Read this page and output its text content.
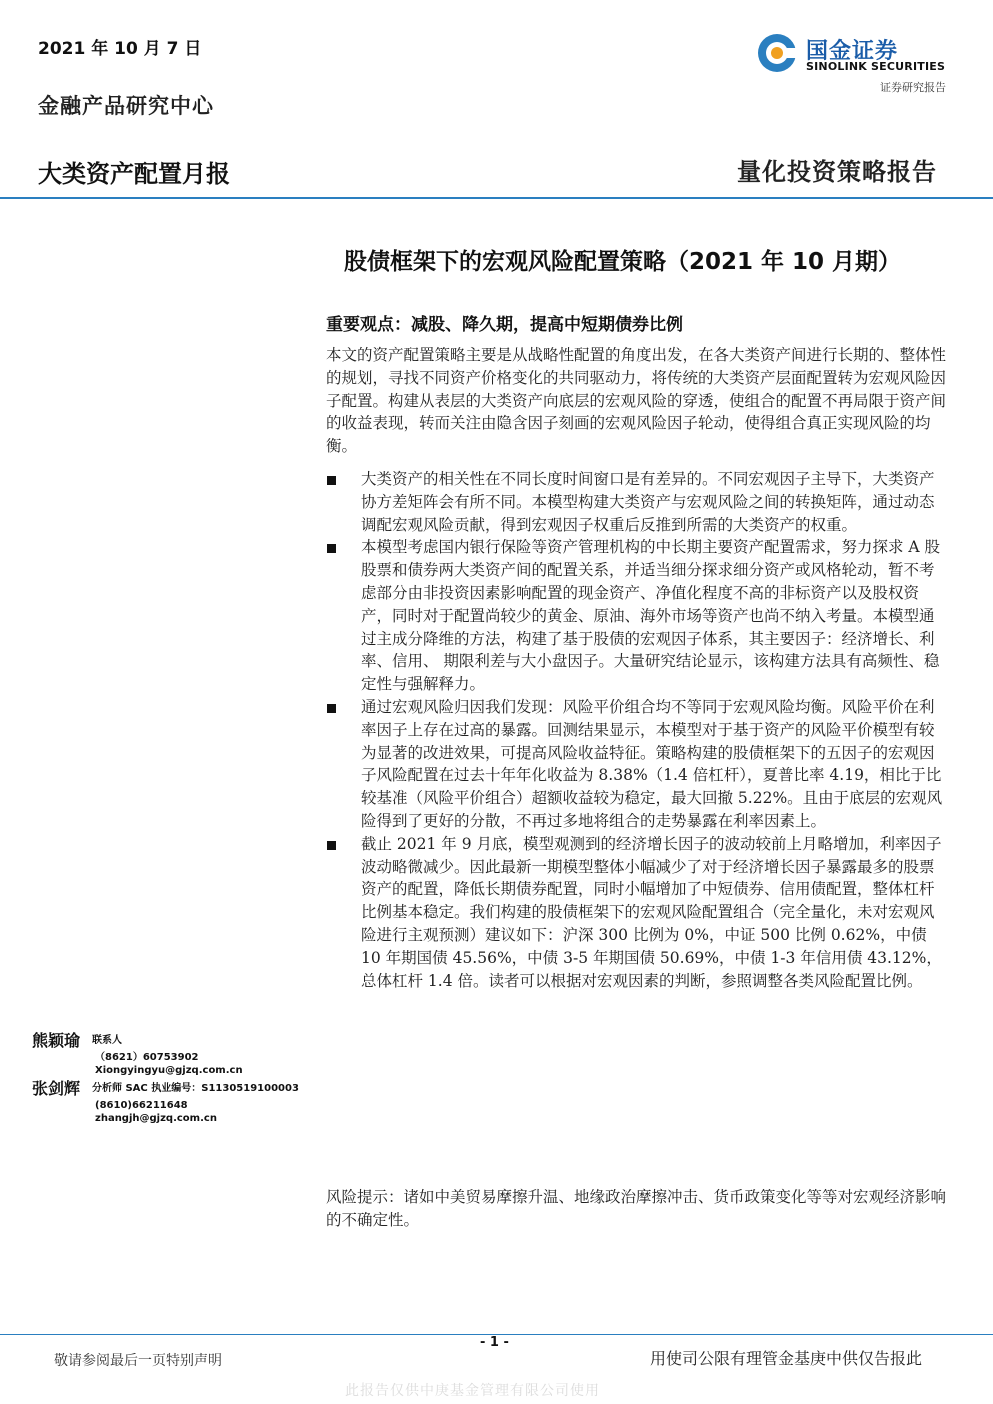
2021 年 10 月 7 日
金融产品研究中心
大类资产配置月报	量化投资策略报告
国金证券
SINOLINK SECURITIES
证券研究报告
股债框架下的宏观风险配置策略（2021 年 10 月期）
重要观点：减股、降久期，提高中短期债券比例
本文的资产配置策略主要是从战略性配置的角度出发，在各大类资产间进行长期的、整体性的规划，寻找不同资产价格变化的共同驱动力，将传统的大类资产层面配置转为宏观风险因子配置。构建从表层的大类资产向底层的宏观风险的穿透，使组合的配置不再局限于资产间的收益表现，转而关注由隐含因子刻画的宏观风险因子轮动，使得组合真正实现风险的均衡。
大类资产的相关性在不同长度时间窗口是有差异的。不同宏观因子主导下，大类资产协方差矩阵会有所不同。本模型构建大类资产与宏观风险之间的转换矩阵，通过动态调配宏观风险贡献，得到宏观因子权重后反推到所需的大类资产的权重。
本模型考虑国内银行保险等资产管理机构的中长期主要资产配置需求，努力探求 A 股股票和债券两大类资产间的配置关系，并适当细分探求细分资产或风格轮动，暂不考虑部分由非投资因素影响配置的现金资产、净值化程度不高的非标资产以及股权资产，同时对于配置尚较少的黄金、原油、海外市场等资产也尚不纳入考量。本模型通过主成分降维的方法，构建了基于股债的宏观因子体系，其主要因子：经济增长、利率、信用、 期限利差与大小盘因子。大量研究结论显示，该构建方法具有高频性、稳定性与强解释力。
通过宏观风险归因我们发现：风险平价组合均不等同于宏观风险均衡。风险平价在利率因子上存在过高的暴露。回测结果显示，本模型对于基于资产的风险平价模型有较为显著的改进效果，可提高风险收益特征。策略构建的股债框架下的五因子的宏观因子风险配置在过去十年年化收益为 8.38%（1.4 倍杠杆），夏普比率 4.19，相比于比较基准（风险平价组合）超额收益较为稳定，最大回撤 5.22%。且由于底层的宏观风险得到了更好的分散，不再过多地将组合的走势暴露在利率因素上。
截止 2021 年 9 月底，模型观测到的经济增长因子的波动较前上月略增加，利率因子波动略微减少。因此最新一期模型整体小幅减少了对于经济增长因子暴露最多的股票资产的配置，降低长期债券配置，同时小幅增加了中短债券、信用债配置，整体杠杆比例基本稳定。我们构建的股债框架下的宏观风险配置组合（完全量化，未对宏观风险进行主观预测）建议如下：沪深 300 比例为 0%，中证 500 比例 0.62%，中债 10 年期国债 45.56%，中债 3-5 年期国债 50.69%，中债 1-3 年信用债 43.12%，总体杠杆 1.4 倍。读者可以根据对宏观因素的判断，参照调整各类风险配置比例。
熊颖瑜 联系人
（8621）60753902
Xiongyingyu@gjzq.com.cn
张剑辉 分析师 SAC 执业编号：S1130519100003
(8610)66211648
zhangjh@gjzq.com.cn
风险提示：诸如中美贸易摩擦升温、地缘政治摩擦冲击、货币政策变化等等对宏观经济影响的不确定性。
- 1 -
敬请参阅最后一页特别声明	用使司公限有理管金基庚中供仅告报此
此报告仅供中庚基金管理有限公司使用
